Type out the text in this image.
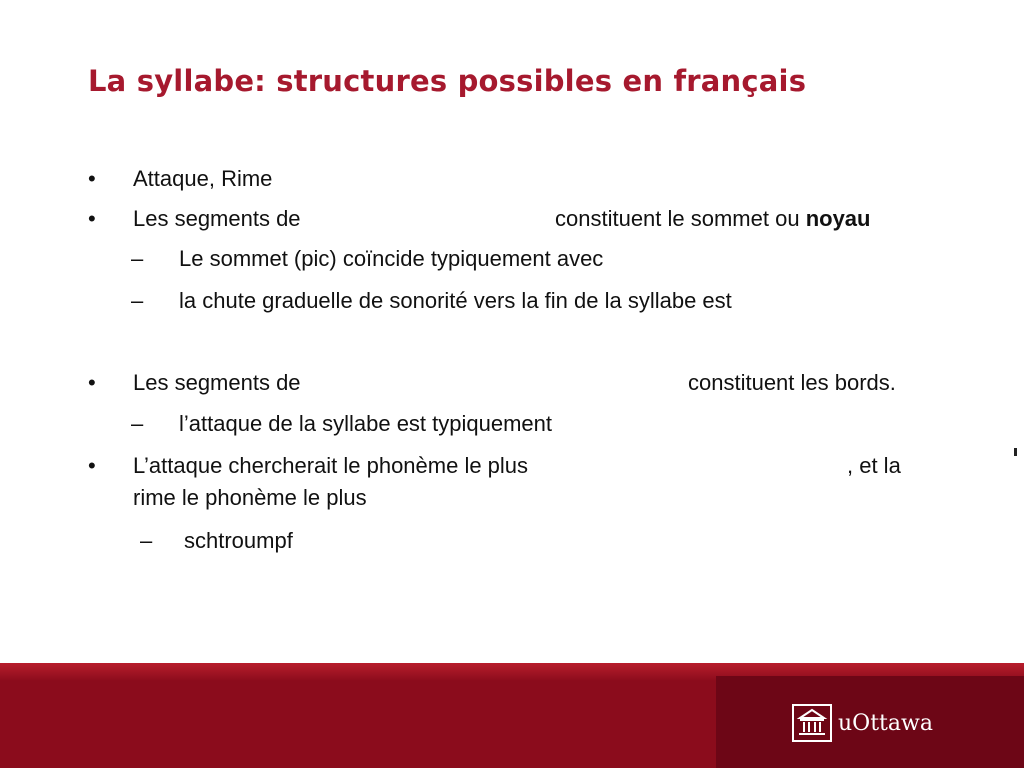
La syllabe: structures possibles en français
• Attaque, Rime
• Les segments de	constituent le sommet ou noyau
– Le sommet (pic) coïncide typiquement avec
– la chute graduelle de sonorité vers la fin de la syllabe est
• Les segments de	constituent les bords.
– l’attaque de la syllabe est typiquement
• L’attaque chercherait le phonème le plus	, et la
rime le phonème le plus
– schtroumpf
uOttawa
